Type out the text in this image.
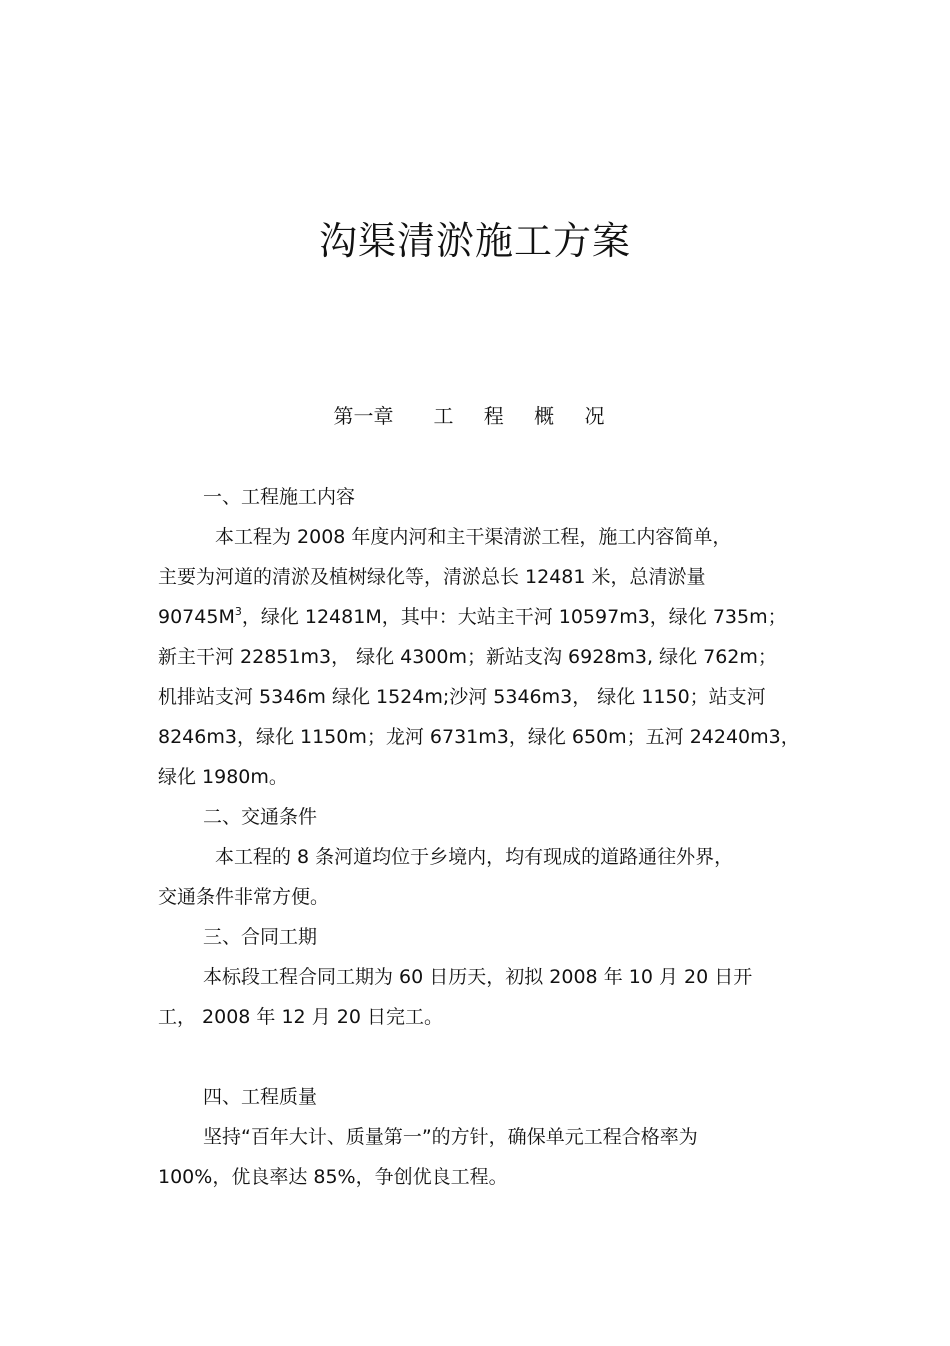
沟渠清淤施工方案
第一章 工 程 概 况
一、工程施工内容
本工程为 2008 年度内河和主干渠清淤工程，施工内容简单，
主要为河道的清淤及植树绿化等，清淤总长 12481 米，总清淤量
$90745M^3$，绿化 12481M，其中：大站主干河 10597m3，绿化 735m；
新主干河 22851m3， 绿化 4300m；新站支沟 6928m3, 绿化 762m；
机排站支河 5346m 绿化 1524m;沙河 5346m3， 绿化 1150；站支河
8246m3，绿化 1150m；龙河 6731m3，绿化 650m；五河 24240m3，
绿化 1980m。
二、交通条件
本工程的 8 条河道均位于乡境内，均有现成的道路通往外界，
交通条件非常方便。
三、合同工期
本标段工程合同工期为 60 日历天，初拟 2008 年 10 月 20 日开
工， 2008 年 12 月 20 日完工。
四、工程质量
坚持“百年大计、质量第一”的方针，确保单元工程合格率为
100%，优良率达 85%，争创优良工程。
